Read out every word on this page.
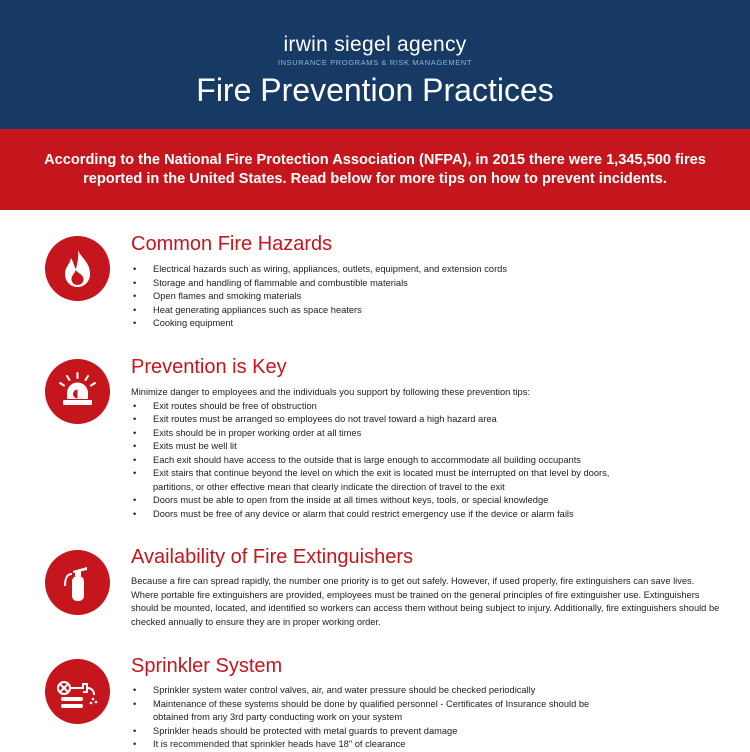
irwin siegel agency
INSURANCE PROGRAMS & RISK MANAGEMENT
Fire Prevention Practices
According to the National Fire Protection Association (NFPA), in 2015 there were 1,345,500 fires reported in the United States. Read below for more tips on how to prevent incidents.
Common Fire Hazards
• Electrical hazards such as wiring, appliances, outlets, equipment, and extension cords
• Storage and handling of flammable and combustible materials
• Open flames and smoking materials
• Heat generating appliances such as space heaters
• Cooking equipment
Prevention is Key

Minimize danger to employees and the individuals you support by following these prevention tips:

• Exit routes should be free of obstruction
• Exit routes must be arranged so employees do not travel toward a high hazard area
• Exits should be in proper working order at all times
• Exits must be well lit
• Each exit should have access to the outside that is large enough to accommodate all building occupants
• Exit stairs that continue beyond the level on which the exit is located must be interrupted on that level by doors, partitions, or other effective mean that clearly indicate the direction of travel to the exit
• Doors must be able to open from the inside at all times without keys, tools, or special knowledge
• Doors must be free of any device or alarm that could restrict emergency use if the device or alarm fails
Availability of Fire Extinguishers

Because a fire can spread rapidly, the number one priority is to get out safely. However, if used properly, fire extinguishers can save lives. Where portable fire extinguishers are provided, employees must be trained on the general principles of fire extinguisher use. Extinguishers should be mounted, located, and identified so workers can access them without being subject to injury. Additionally, fire extinguishers should be checked annually to ensure they are in proper working order.

Sprinkler System
• Sprinkler system water control valves, air, and water pressure should be checked periodically
• Maintenance of these systems should be done by qualified personnel - Certificates of Insurance should be obtained from any 3rd party conducting work on your system
• Sprinkler heads should be protected with metal guards to prevent damage
• It is recommended that sprinkler heads have 18" of clearance
